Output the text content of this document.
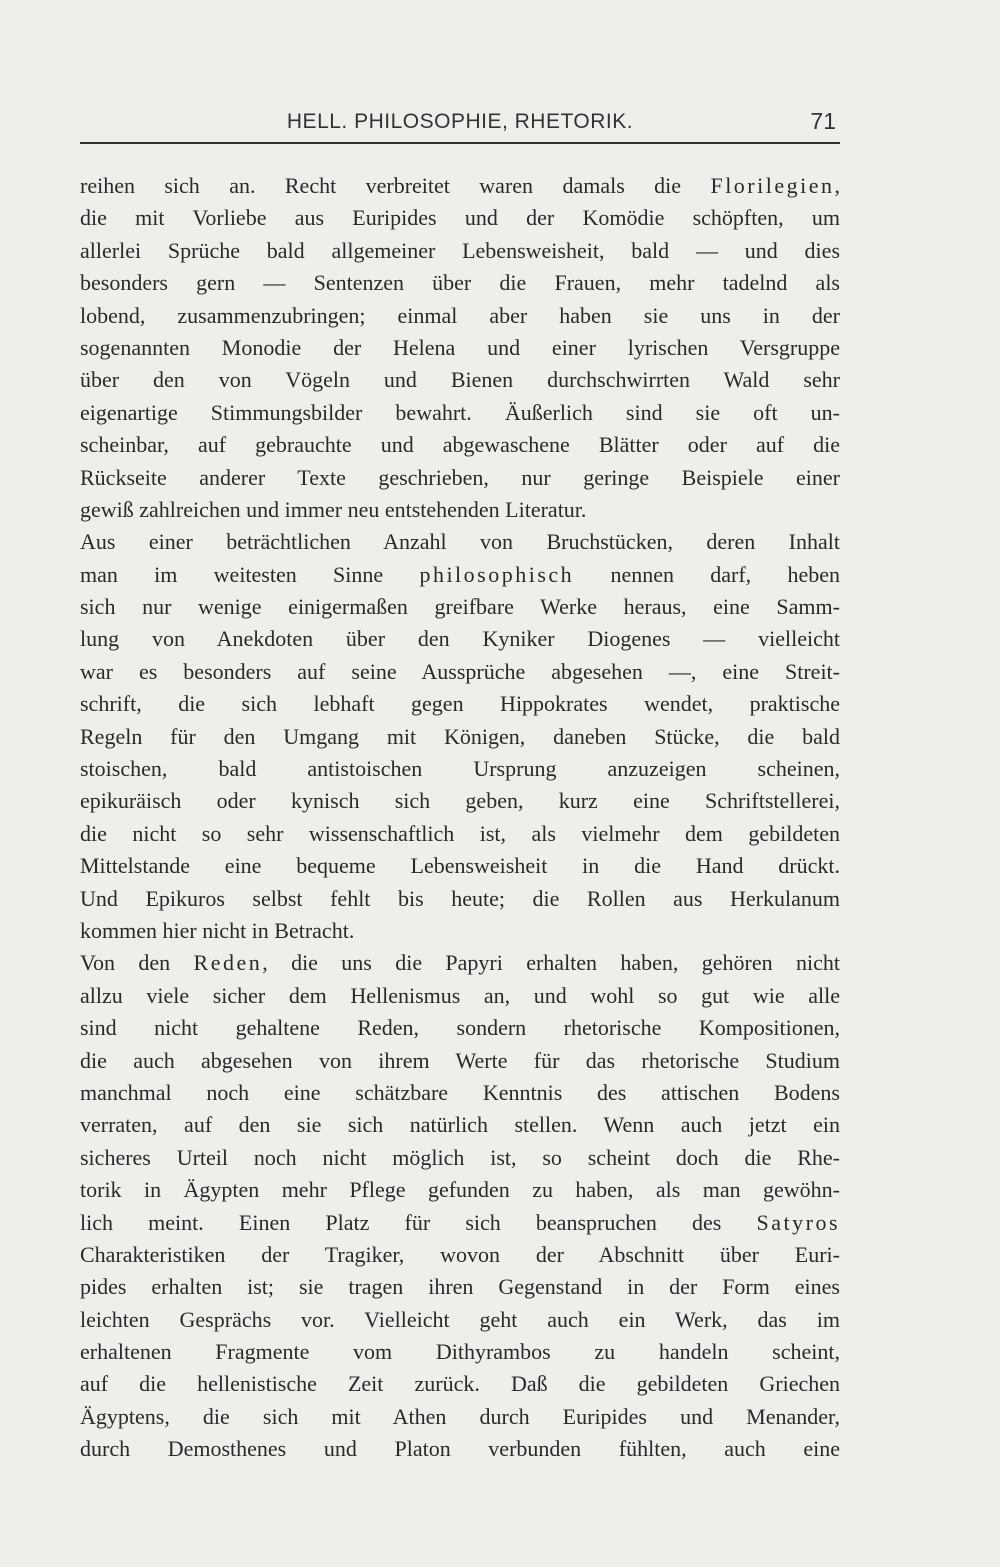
HELL. PHILOSOPHIE, RHETORIK.	71
reihen sich an. Recht verbreitet waren damals die Florilegien,
die mit Vorliebe aus Euripides und der Komödie schöpften, um
allerlei Sprüche bald allgemeiner Lebensweisheit, bald — und dies
besonders gern — Sentenzen über die Frauen, mehr tadelnd als
lobend, zusammenzubringen; einmal aber haben sie uns in der
sogenannten Monodie der Helena und einer lyrischen Versgruppe
über den von Vögeln und Bienen durchschwirrten Wald sehr
eigenartige Stimmungsbilder bewahrt. Äußerlich sind sie oft un-
scheinbar, auf gebrauchte und abgewaschene Blätter oder auf die
Rückseite anderer Texte geschrieben, nur geringe Beispiele einer
gewiß zahlreichen und immer neu entstehenden Literatur.
Aus einer beträchtlichen Anzahl von Bruchstücken, deren Inhalt
man im weitesten Sinne philosophisch nennen darf, heben
sich nur wenige einigermaßen greifbare Werke heraus, eine Samm-
lung von Anekdoten über den Kyniker Diogenes — vielleicht
war es besonders auf seine Aussprüche abgesehen —, eine Streit-
schrift, die sich lebhaft gegen Hippokrates wendet, praktische
Regeln für den Umgang mit Königen, daneben Stücke, die bald
stoischen, bald antistoischen Ursprung anzuzeigen scheinen,
epikuräisch oder kynisch sich geben, kurz eine Schriftstellerei,
die nicht so sehr wissenschaftlich ist, als vielmehr dem gebildeten
Mittelstande eine bequeme Lebensweisheit in die Hand drückt.
Und Epikuros selbst fehlt bis heute; die Rollen aus Herkulanum
kommen hier nicht in Betracht.
Von den Reden, die uns die Papyri erhalten haben, gehören nicht
allzu viele sicher dem Hellenismus an, und wohl so gut wie alle
sind nicht gehaltene Reden, sondern rhetorische Kompositionen,
die auch abgesehen von ihrem Werte für das rhetorische Studium
manchmal noch eine schätzbare Kenntnis des attischen Bodens
verraten, auf den sie sich natürlich stellen. Wenn auch jetzt ein
sicheres Urteil noch nicht möglich ist, so scheint doch die Rhe-
torik in Ägypten mehr Pflege gefunden zu haben, als man gewöhn-
lich meint. Einen Platz für sich beanspruchen des Satyros
Charakteristiken der Tragiker, wovon der Abschnitt über Euri-
pides erhalten ist; sie tragen ihren Gegenstand in der Form eines
leichten Gesprächs vor. Vielleicht geht auch ein Werk, das im
erhaltenen Fragmente vom Dithyrambos zu handeln scheint,
auf die hellenistische Zeit zurück. Daß die gebildeten Griechen
Ägyptens, die sich mit Athen durch Euripides und Menander,
durch Demosthenes und Platon verbunden fühlten, auch eine
